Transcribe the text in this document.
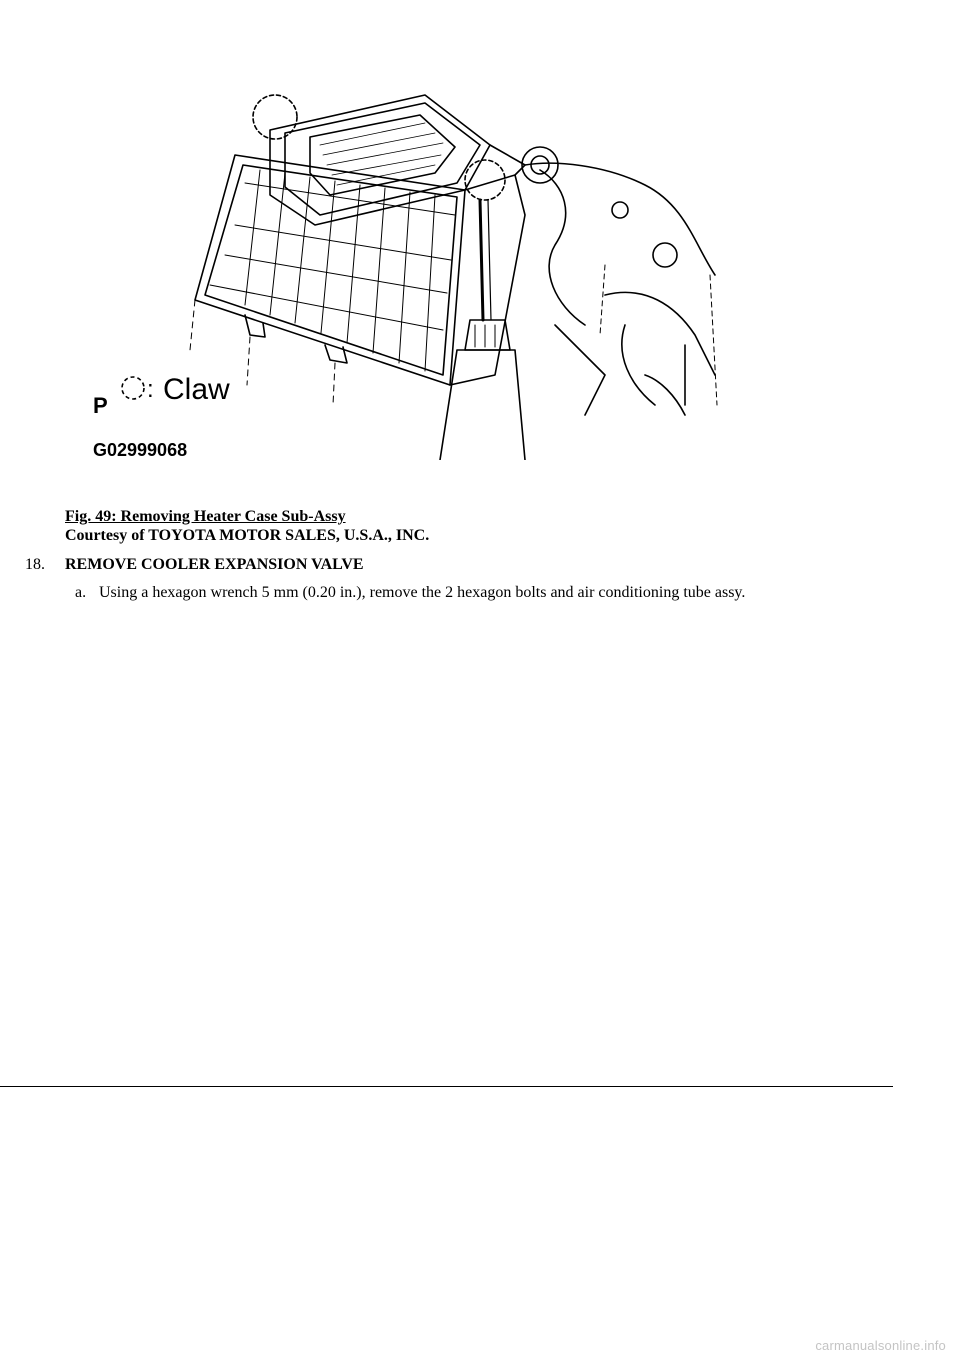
P
: Claw
G02999068
Fig. 49: Removing Heater Case Sub-Assy
Courtesy of TOYOTA MOTOR SALES, U.S.A., INC.
18. REMOVE COOLER EXPANSION VALVE
a. Using a hexagon wrench 5 mm (0.20 in.), remove the 2 hexagon bolts and air conditioning tube assy.
carmanualsonline.info
